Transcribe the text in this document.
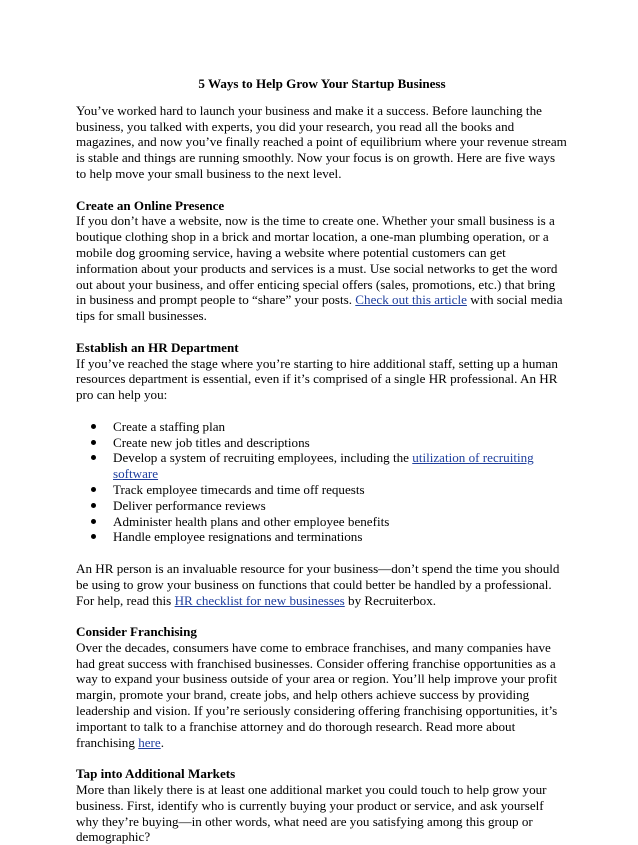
5 Ways to Help Grow Your Startup Business

You’ve worked hard to launch your business and make it a success. Before launching the business, you talked with experts, you did your research, you read all the books and magazines, and now you’ve finally reached a point of equilibrium where your revenue stream is stable and things are running smoothly. Now your focus is on growth. Here are five ways to help move your small business to the next level.

Create an Online Presence
If you don’t have a website, now is the time to create one. Whether your small business is a boutique clothing shop in a brick and mortar location, a one-man plumbing operation, or a mobile dog grooming service, having a website where potential customers can get information about your products and services is a must. Use social networks to get the word out about your business, and offer enticing special offers (sales, promotions, etc.) that bring in business and prompt people to “share” your posts. Check out this article with social media tips for small businesses.

Establish an HR Department
If you’ve reached the stage where you’re starting to hire additional staff, setting up a human resources department is essential, even if it’s comprised of a single HR professional. An HR pro can help you:

Create a staffing plan
Create new job titles and descriptions
Develop a system of recruiting employees, including the utilization of recruiting software
Track employee timecards and time off requests
Deliver performance reviews
Administer health plans and other employee benefits
Handle employee resignations and terminations

An HR person is an invaluable resource for your business—don’t spend the time you should be using to grow your business on functions that could better be handled by a professional. For help, read this HR checklist for new businesses by Recruiterbox.

Consider Franchising
Over the decades, consumers have come to embrace franchises, and many companies have had great success with franchised businesses. Consider offering franchise opportunities as a way to expand your business outside of your area or region. You’ll help improve your profit margin, promote your brand, create jobs, and help others achieve success by providing leadership and vision. If you’re seriously considering offering franchising opportunities, it’s important to talk to a franchise attorney and do thorough research. Read more about franchising here.

Tap into Additional Markets
More than likely there is at least one additional market you could touch to help grow your business. First, identify who is currently buying your product or service, and ask yourself why they’re buying—in other words, what need are you satisfying among this group or demographic?
